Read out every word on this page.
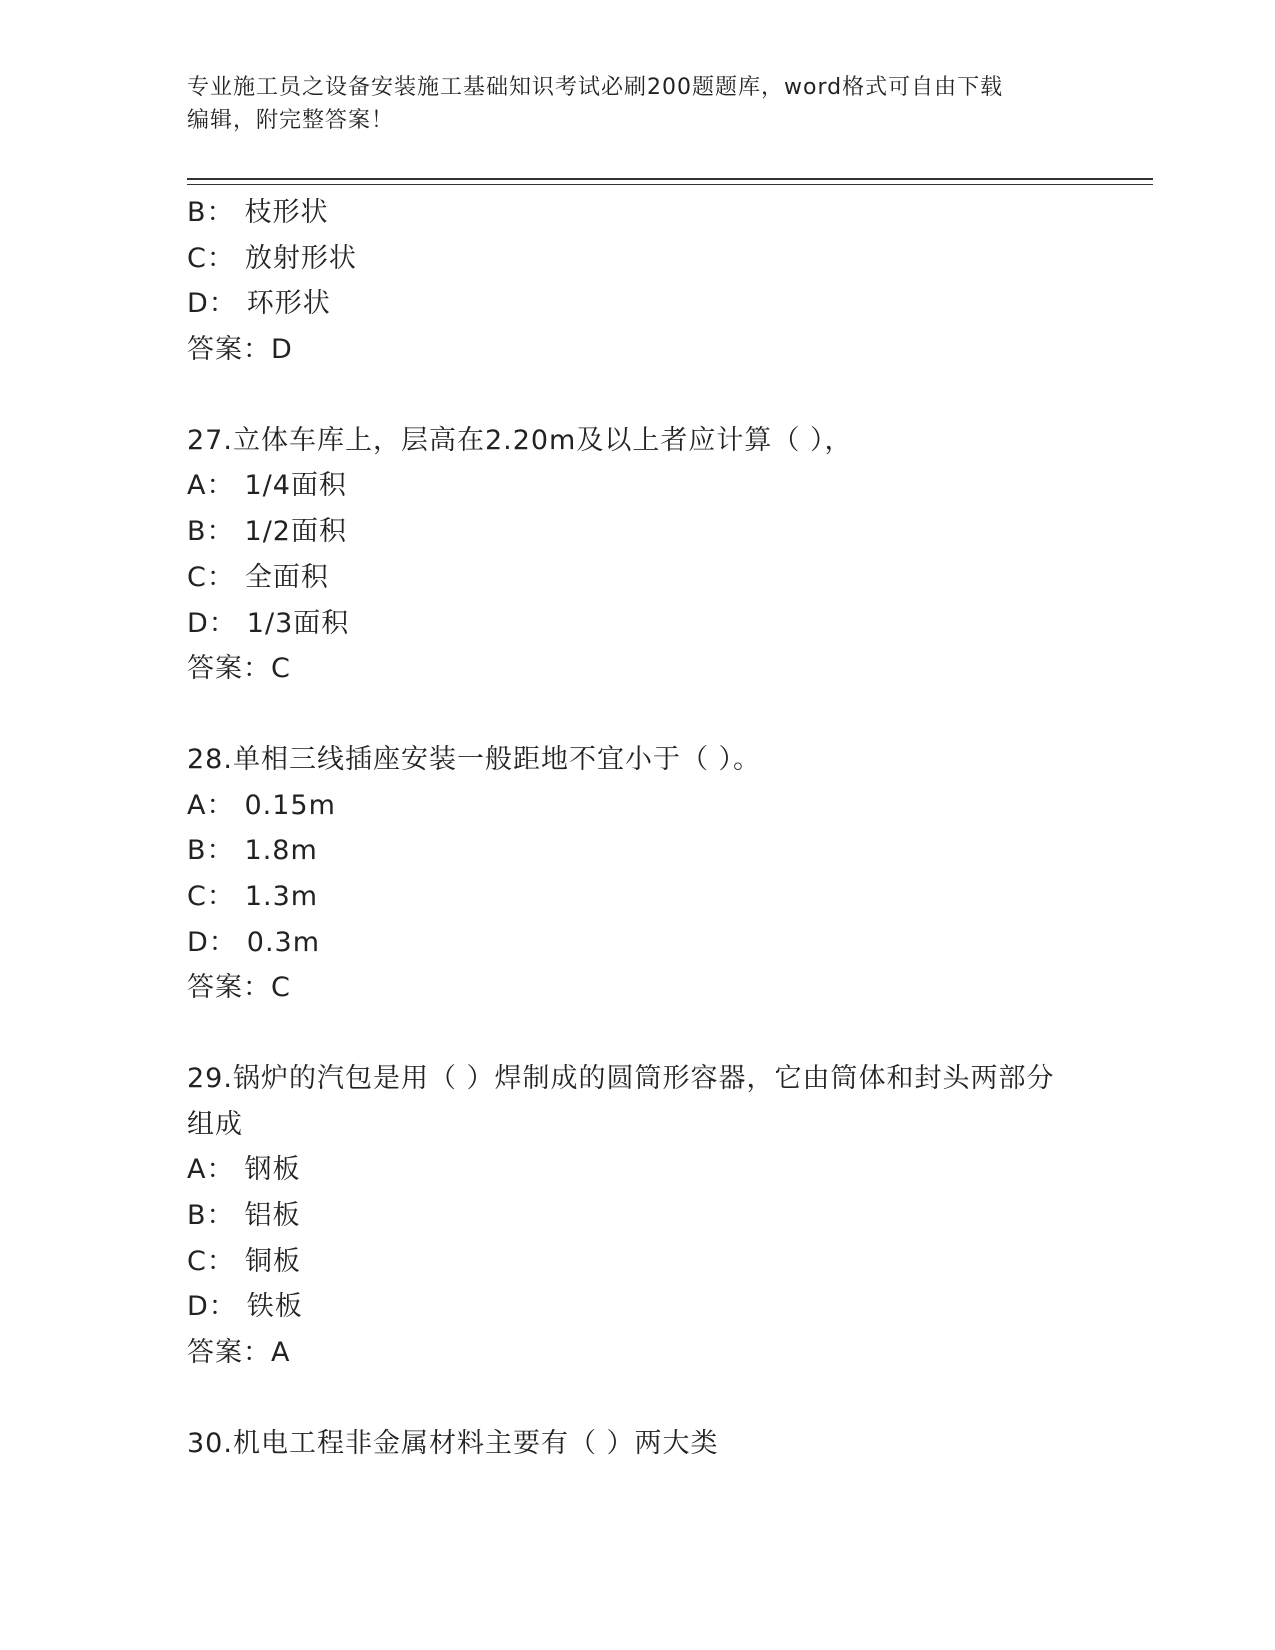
专业施工员之设备安装施工基础知识考试必刷200题题库，word格式可自由下载
编辑，附完整答案！
B： 枝形状
C： 放射形状
D： 环形状
答案：D
27.立体车库上，层高在2.20m及以上者应计算（ ），
A： 1/4面积
B： 1/2面积
C： 全面积
D： 1/3面积
答案：C
28.单相三线插座安装一般距地不宜小于（ ）。
A： 0.15m
B： 1.8m
C： 1.3m
D： 0.3m
答案：C
29.锅炉的汽包是用（ ）焊制成的圆筒形容器，它由筒体和封头两部分组成
A： 钢板
B： 铝板
C： 铜板
D： 铁板
答案：A
30.机电工程非金属材料主要有（ ）两大类
